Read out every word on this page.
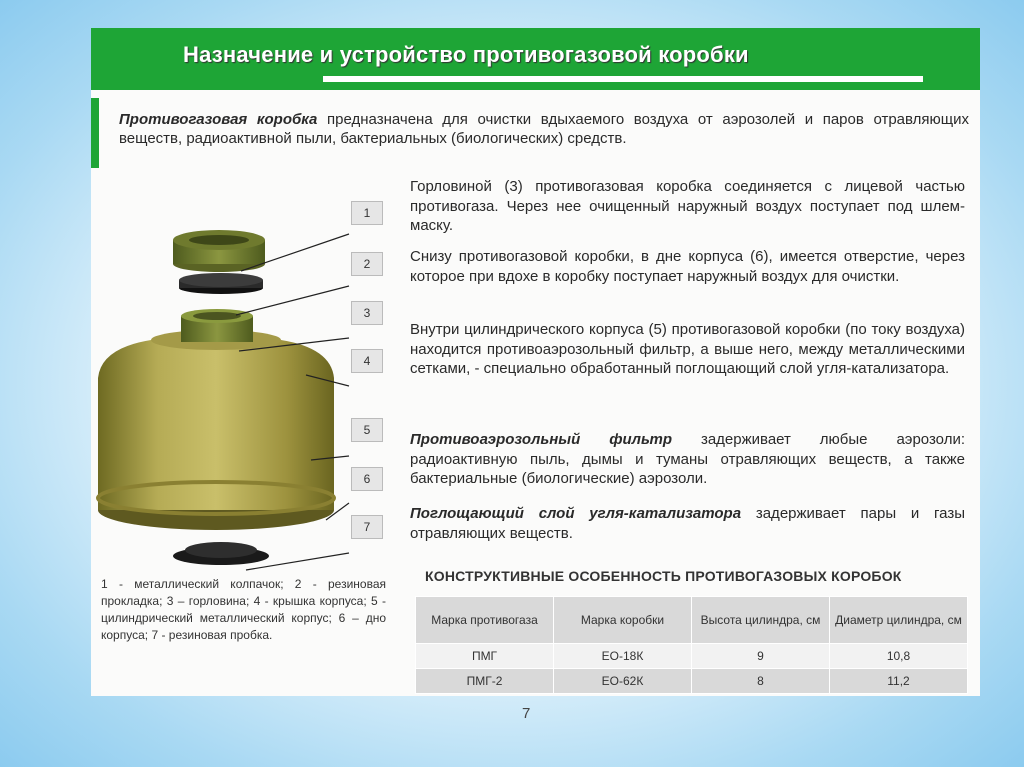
Назначение и устройство противогазовой коробки
Противогазовая коробка предназначена для очистки вдыхаемого воздуха от аэрозолей и паров отравляющих веществ, радиоактивной пыли, бактериальных (биологических) средств.
1
2
3
4
5
6
7
1 - металлический колпачок; 2 - резиновая прокладка; 3 – горловина; 4 - крышка корпуса; 5 - цилиндрический металлический корпус; 6 – дно корпуса; 7 - резиновая пробка.
Горловиной (3) противогазовая коробка соединяется с лицевой частью противогаза. Через нее очищенный наружный воздух поступает под шлем-маску.
Снизу противогазовой коробки, в дне корпуса (6), имеется отверстие, через которое при вдохе в коробку поступает наружный воздух для очистки.
Внутри цилиндрического корпуса (5) противогазовой коробки (по току воздуха) находится противоаэрозольный фильтр, а выше него, между металлическими сетками, - специально обработанный поглощающий слой угля-катализатора.
Противоаэрозольный фильтр задерживает любые аэрозоли: радиоактивную пыль, дымы и туманы отравляющих веществ, а также бактериальные (биологические) аэрозоли.
Поглощающий слой угля-катализатора задерживает пары и газы отравляющих веществ.
КОНСТРУКТИВНЫЕ ОСОБЕННОСТЬ ПРОТИВОГАЗОВЫХ КОРОБОК
Марка противогаза	Марка коробки	Высота цилиндра, см	Диаметр цилиндра, см
ПМГ	ЕО-18К	9	10,8
ПМГ-2	ЕО-62К	8	11,2
7
